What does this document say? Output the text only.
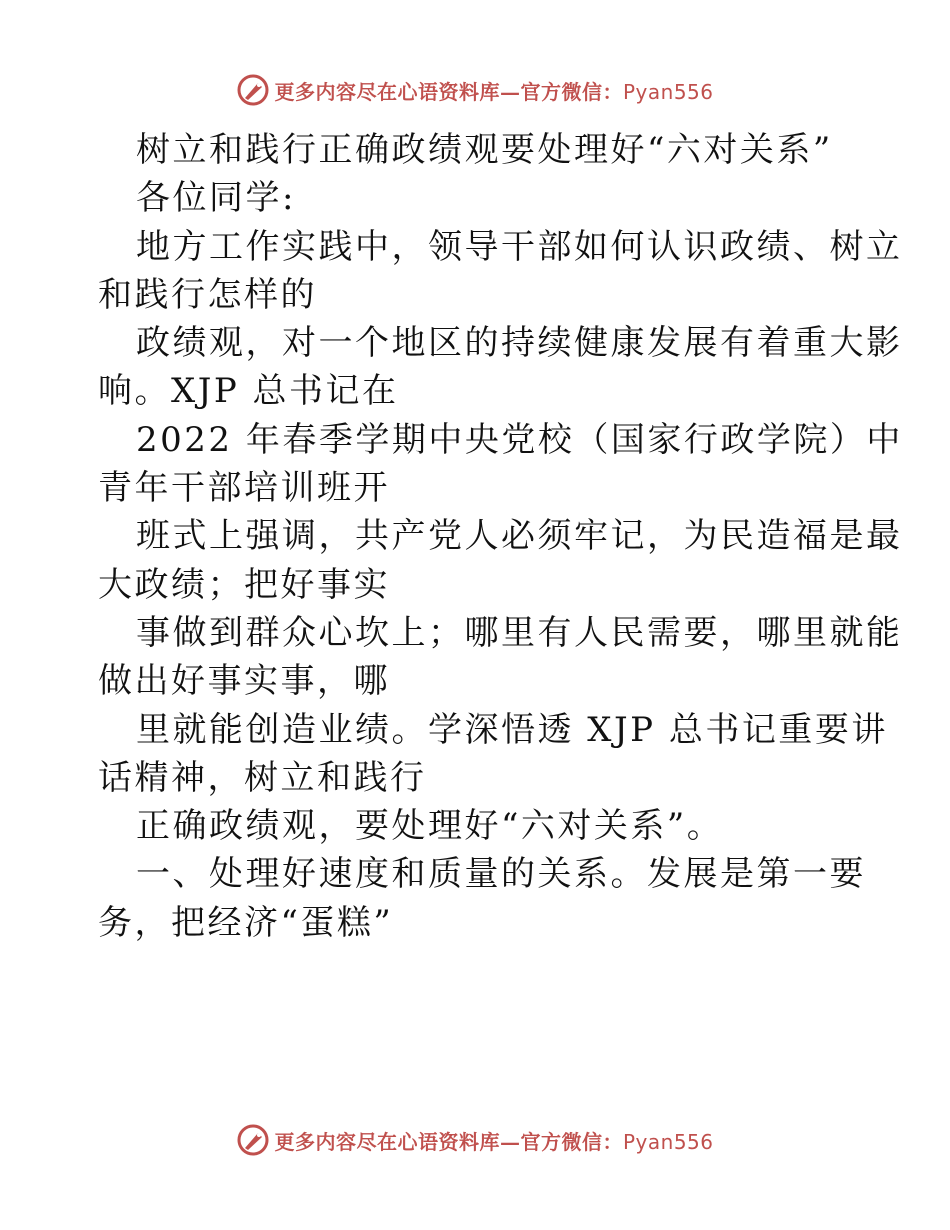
更多内容尽在心语资料库—官方微信：Pyan556
树立和践行正确政绩观要处理好“六对关系”
各位同学:
地方工作实践中，领导干部如何认识政绩、树立
和践行怎样的
政绩观，对一个地区的持续健康发展有着重大影
响。XJP 总书记在
2022 年春季学期中央党校（国家行政学院）中
青年干部培训班开
班式上强调，共产党人必须牢记，为民造福是最
大政绩；把好事实
事做到群众心坎上；哪里有人民需要，哪里就能
做出好事实事，哪
里就能创造业绩。学深悟透 XJP 总书记重要讲
话精神，树立和践行
正确政绩观，要处理好“六对关系”。
一、处理好速度和质量的关系。发展是第一要
务，把经济“蛋糕”
更多内容尽在心语资料库—官方微信：Pyan556
